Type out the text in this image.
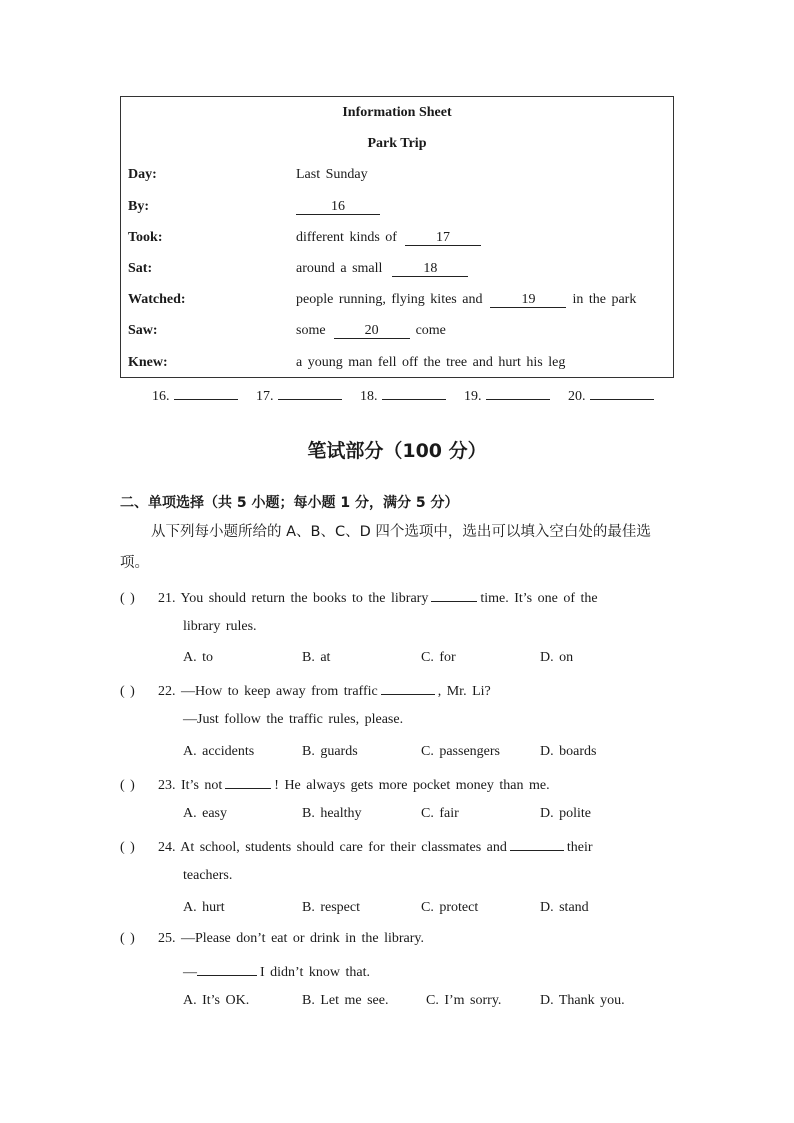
Information Sheet
Park Trip
Day:	Last Sunday
By:	16
Took:	different kinds of	17
Sat:	around a small	18
Watched:	people running, flying kites and	19	in the park
Saw:	some	20	come
Knew:	a young man fell off the tree and hurt his leg
16.	17.	18.	19.	20.
笔试部分（100 分）
二、单项选择（共 5 小题；每小题 1 分，满分 5 分）
从下列每小题所给的 A、B、C、D 四个选项中，选出可以填入空白处的最佳选项。
( ) 21. You should return the books to the library	time. It’s one of the
library rules.
A. to	B. at	C. for	D. on
( ) 22. —How to keep away from traffic	, Mr. Li?
—Just follow the traffic rules, please.
A. accidents	B. guards	C. passengers	D. boards
( ) 23. It’s not	! He always gets more pocket money than me.
A. easy	B. healthy	C. fair	D. polite
( ) 24. At school, students should care for their classmates and	their
teachers.
A. hurt	B. respect	C. protect	D. stand
( ) 25. —Please don’t eat or drink in the library.
—	I didn’t know that.
A. It’s OK.	B. Let me see.	C. I’m sorry.	D. Thank you.
